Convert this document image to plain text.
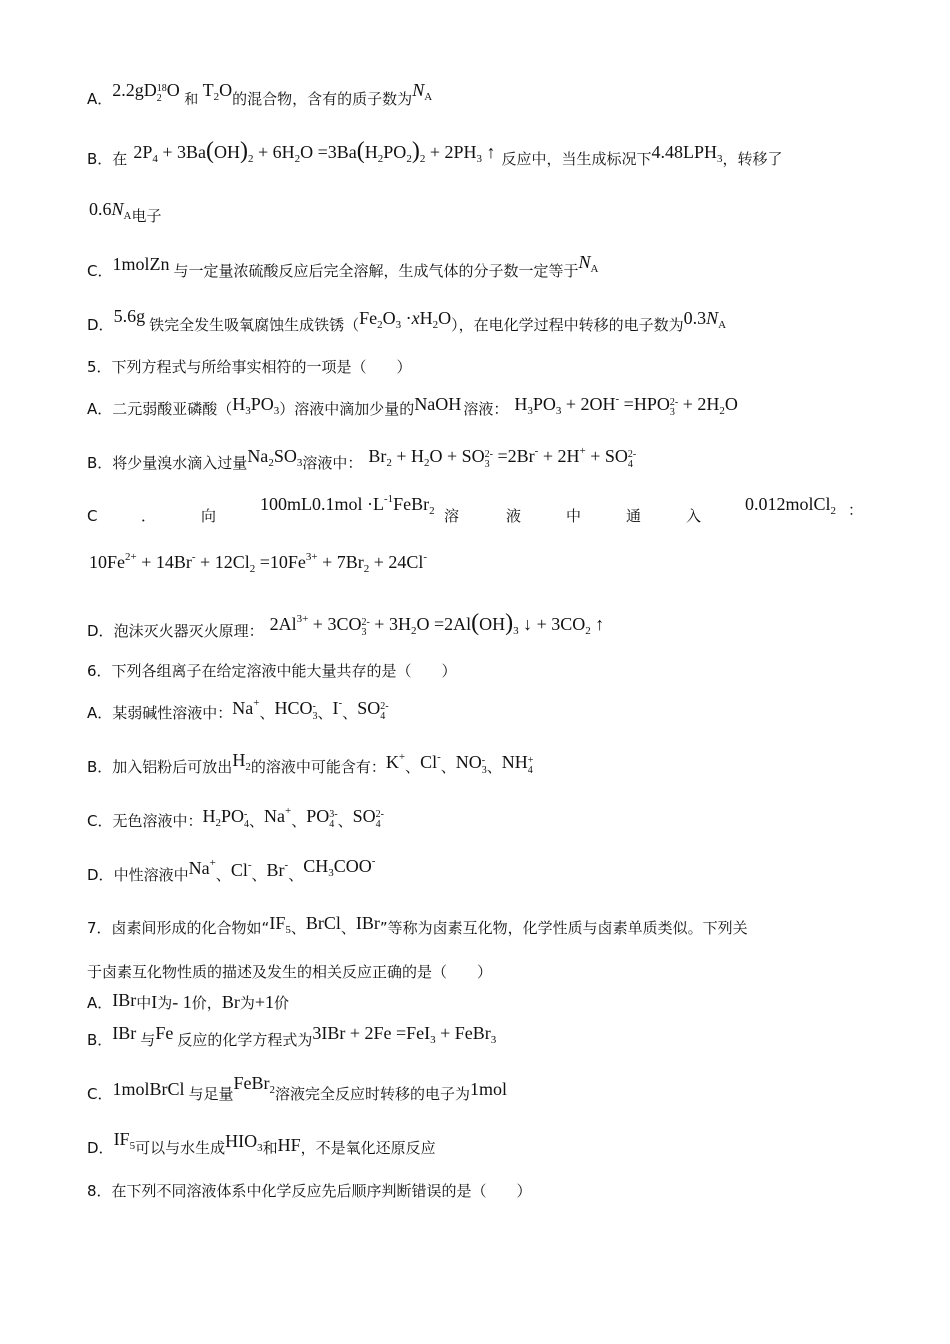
A．2.2gD 18
2 O 和 $T_2O$的混合物，含有的质子数为$N_A$
B．在 $2P_4 + 3Ba(OH)_2 + 6H_2O =3Ba(H_2PO_2)_2 + 2PH_3$ ↑ 反应中，当生成标况下$4.48LPH_3$，转移了
$0.6N_A$电子
C．1molZn 与一定量浓硫酸反应后完全溶解，生成气体的分子数一定等于$N_A$
D．5.6g 铁完全发生吸氧腐蚀生成铁锈$(Fe_2O_3 \cdot xH_2O)$，在电化学过程中转移的电子数为$0.3N_A$
5．下列方程式与所给事实相符的一项是（　　）
A．二元弱酸亚磷酸$(H_3PO_3)$溶液中滴加少量的NaOH 溶液： $H_3PO_3 + 2OH^- =HPO$ 2-
$3 + 2H_2O$
B．将少量溴水滴入过量$Na_2SO_3$溶液中： $Br_2 + H_2O$ + SO 2-
3 =2Br- + 2H+ + SO 2-
4
C	．	向
$100mL0.1mol \cdot L^{-1}FeBr_2$ 溶	液	中	通	入
0.012molCl$_2$ ：
$10Fe^{2+} + 14Br^- + 12Cl_2 =10Fe^{3+} + 7Br_2 + 24Cl^-$
D．泡沫灭火器灭火原理： $2Al^{3+} + 3CO$ 2-
$3 + 3H_2O =2Al(OH)_3$ ↓ + $3CO_2$ ↑
6．下列各组离子在给定溶液中能大量共存的是（　　）
A．某弱碱性溶液中：Na+、HCO -
3 、I-、SO 2-
4
B．加入铝粉后可放出$H_2$的溶液中可能含有：K+、Cl-、NO -
3 、NH +
4
C．无色溶液中：$H_2PO$ -
4 、Na+、PO 3-
4 、SO 2-
4
D．中性溶液中Na+、Cl-、Br-、$CH_3COO^-$
7．卤素间形成的化合物如“$IF_5$、BrCl、IBr”等称为卤素互化物，化学性质与卤素单质类似。下列关
于卤素互化物性质的描述及发生的相关反应正确的是（　　）
A．IBr中I为- 1价，Br为+1价
B．IBr 与Fe 反应的化学方程式为3IBr + 2Fe =FeI$_3$ + FeBr$_3$
C．1molBrCl 与足量FeBr$_2$溶液完全反应时转移的电子为1mol
D．$IF_5$可以与水生成$HIO_3$和HF，不是氧化还原反应
8．在下列不同溶液体系中化学反应先后顺序判断错误的是（　　）
